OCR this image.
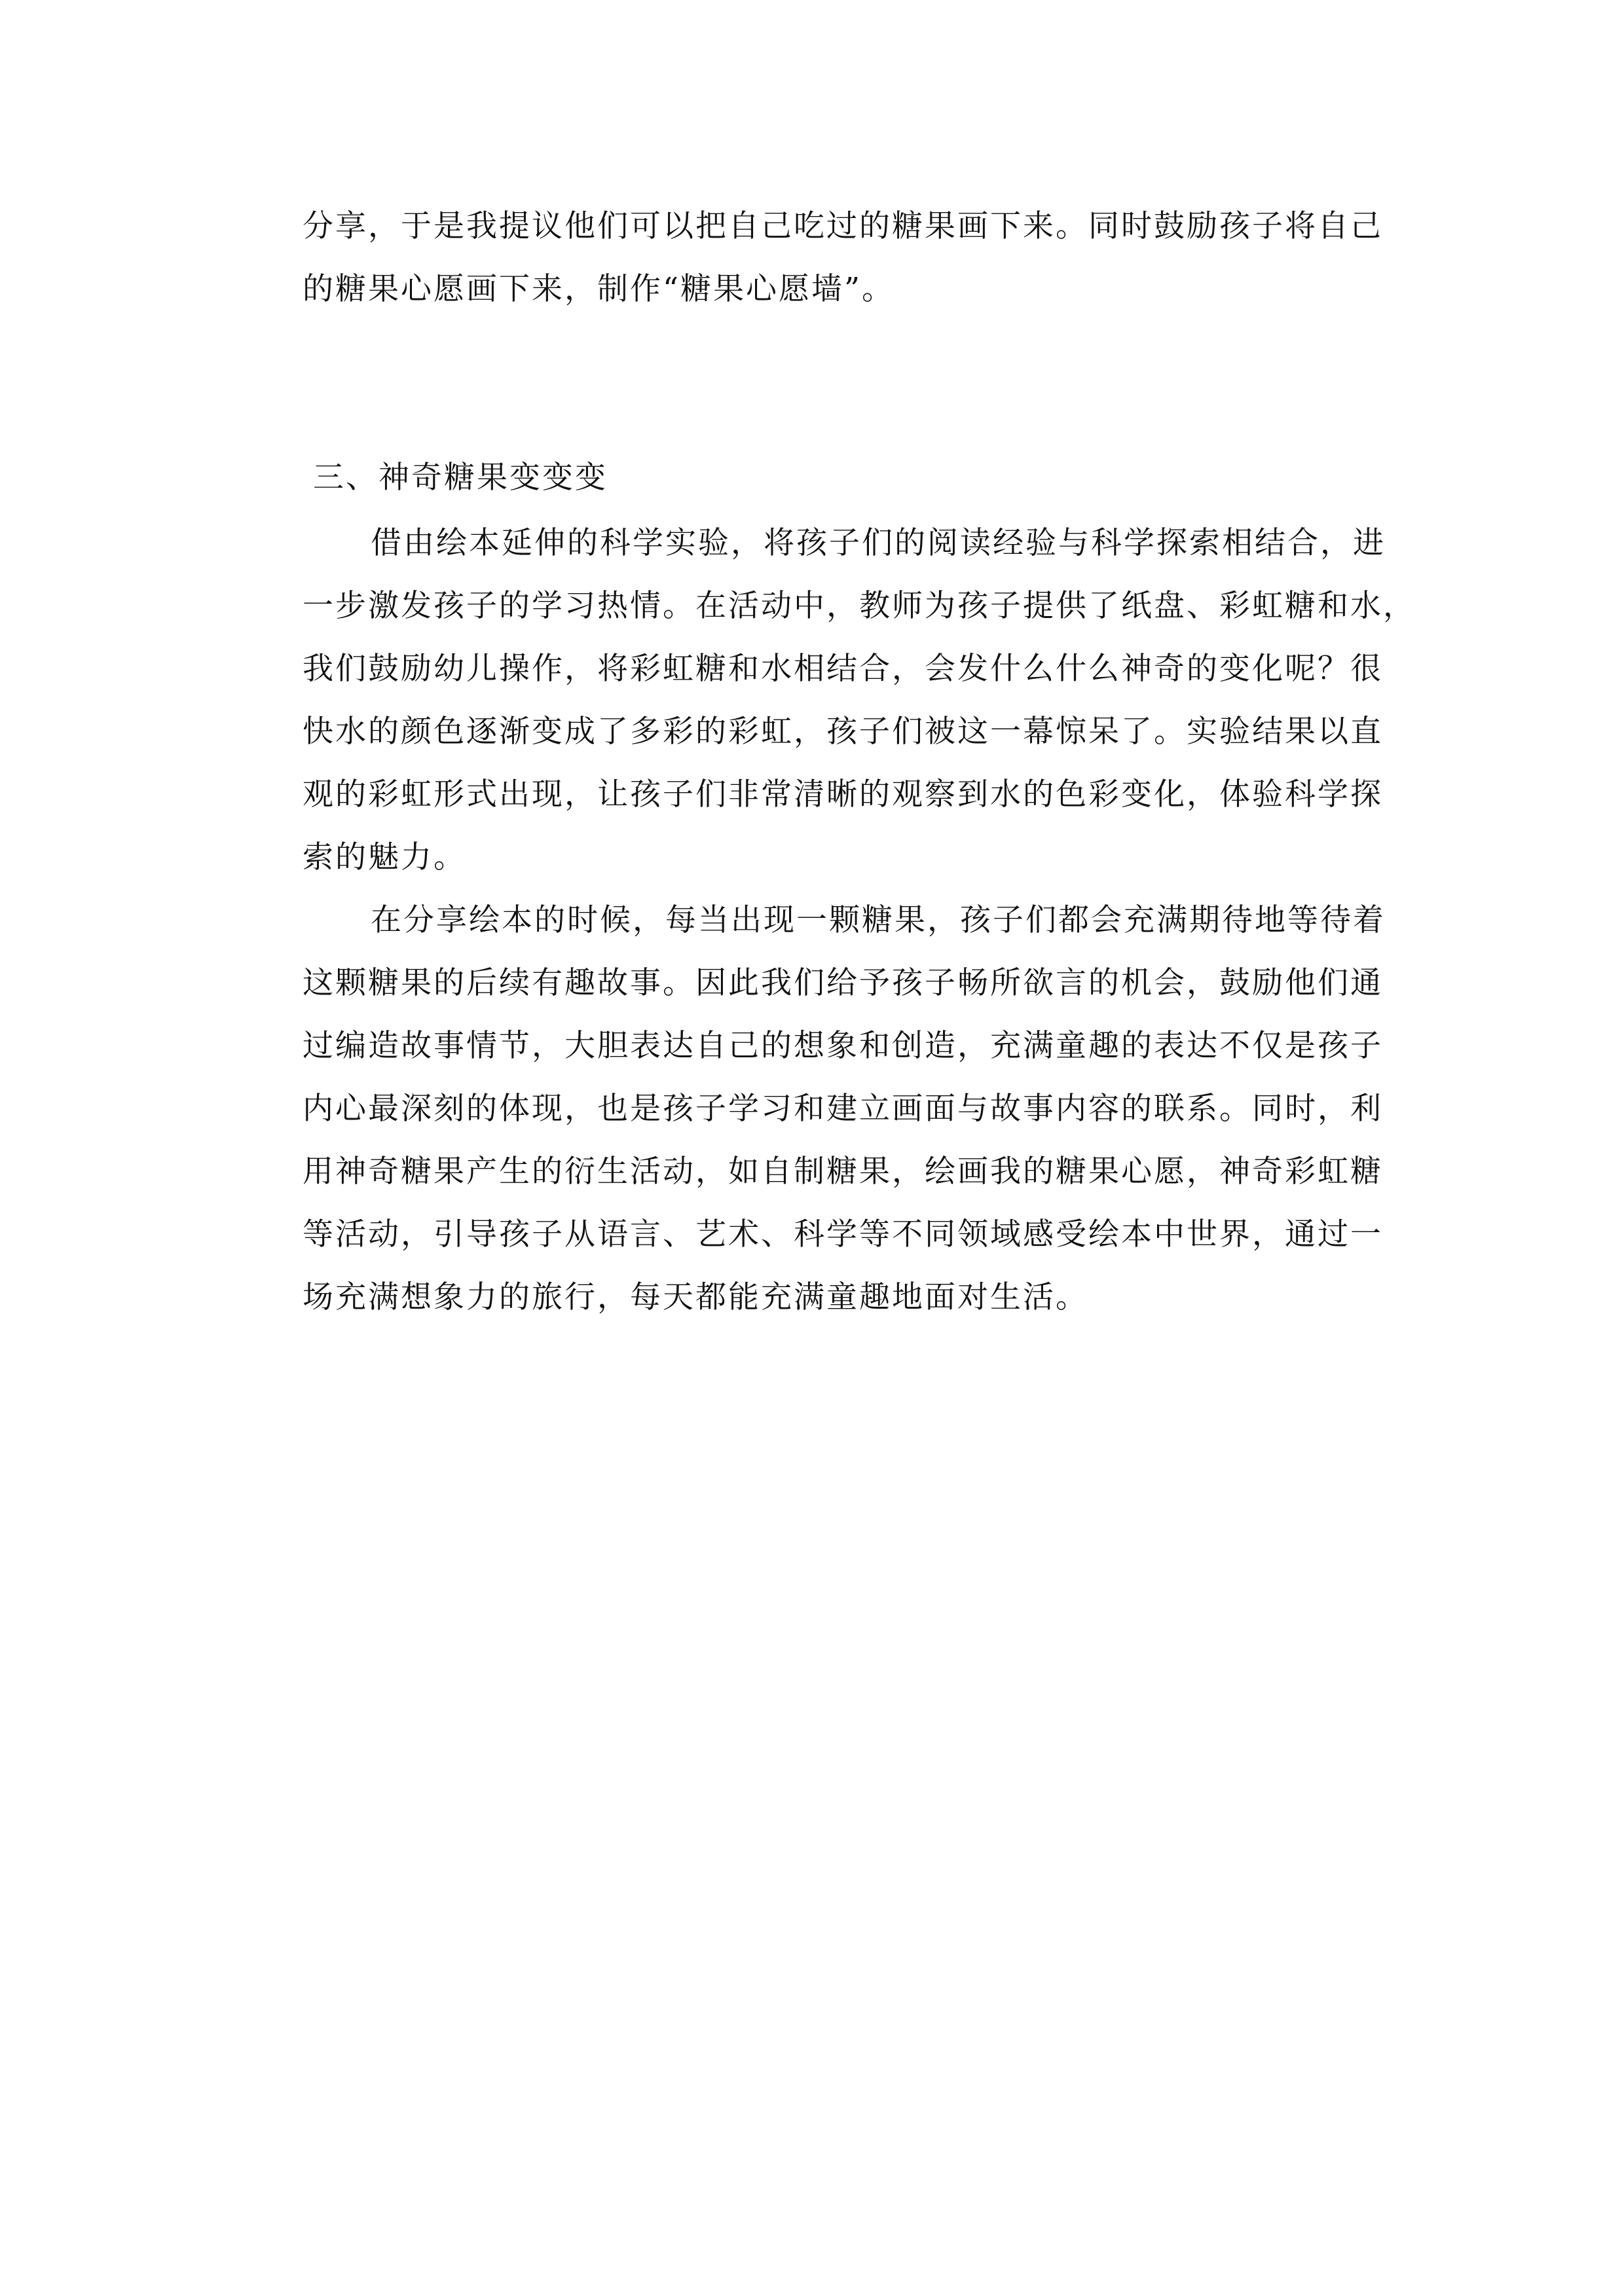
分享，于是我提议他们可以把自己吃过的糖果画下来。同时鼓励孩子将自己
的糖果心愿画下来，制作“糖果心愿墙”。
三、神奇糖果变变变
借由绘本延伸的科学实验，将孩子们的阅读经验与科学探索相结合，进
一步激发孩子的学习热情。在活动中，教师为孩子提供了纸盘、彩虹糖和水，
我们鼓励幼儿操作，将彩虹糖和水相结合，会发什么什么神奇的变化呢？很
快水的颜色逐渐变成了多彩的彩虹，孩子们被这一幕惊呆了。实验结果以直
观的彩虹形式出现，让孩子们非常清晰的观察到水的色彩变化，体验科学探
索的魅力。
在分享绘本的时候，每当出现一颗糖果，孩子们都会充满期待地等待着
这颗糖果的后续有趣故事。因此我们给予孩子畅所欲言的机会，鼓励他们通
过编造故事情节，大胆表达自己的想象和创造，充满童趣的表达不仅是孩子
内心最深刻的体现，也是孩子学习和建立画面与故事内容的联系。同时，利
用神奇糖果产生的衍生活动，如自制糖果，绘画我的糖果心愿，神奇彩虹糖
等活动，引导孩子从语言、艺术、科学等不同领域感受绘本中世界，通过一
场充满想象力的旅行，每天都能充满童趣地面对生活。
